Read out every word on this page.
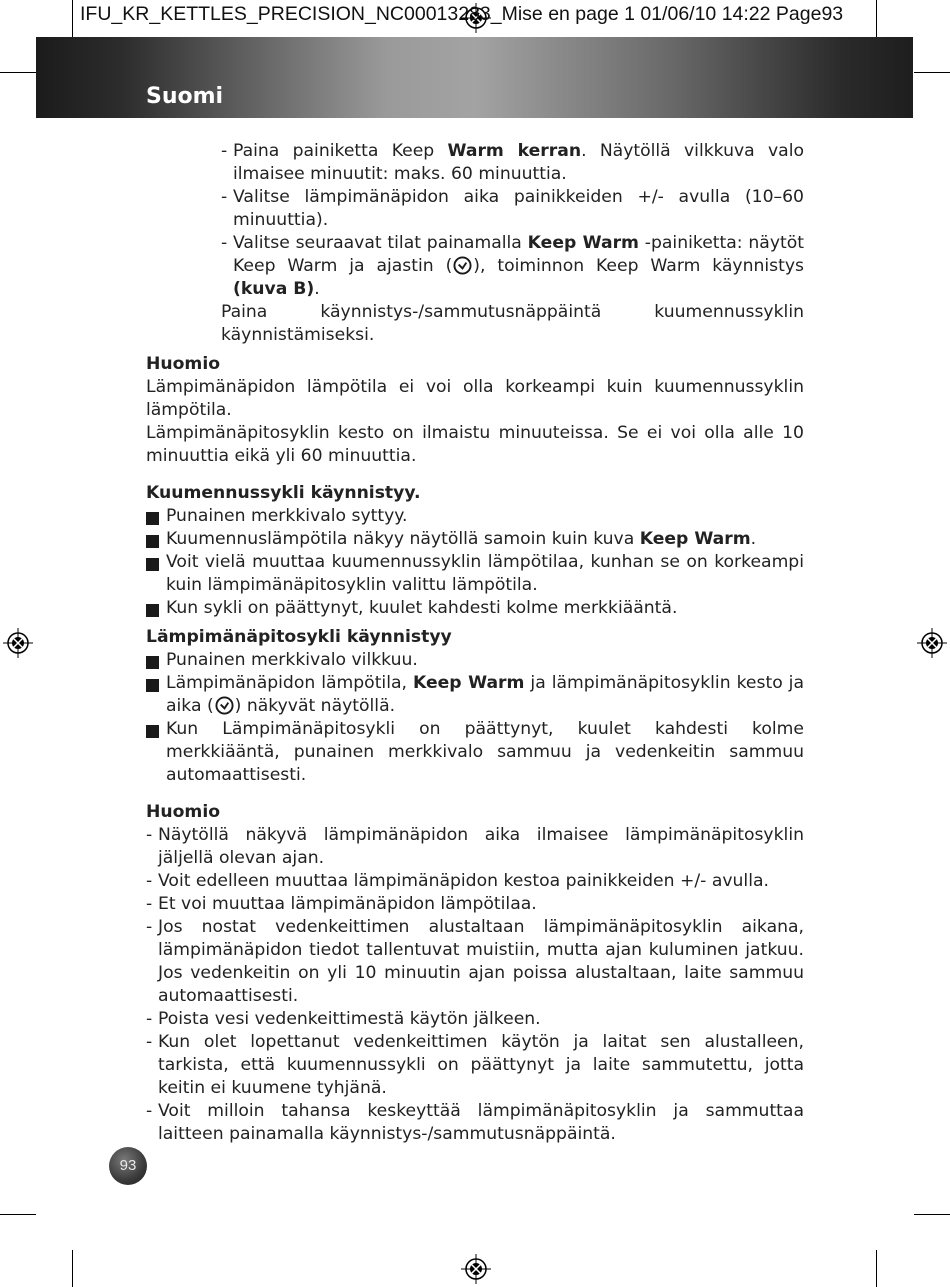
IFU_KR_KETTLES_PRECISION_NC00013283_Mise en page 1 01/06/10 14:22 Page93
Suomi
- Paina painiketta Keep Warm kerran. Näytöllä vilkkuva valo ilmaisee minuutit: maks. 60 minuuttia.
- Valitse lämpimänäpidon aika painikkeiden +/- avulla (10–60 minuuttia).
- Valitse seuraavat tilat painamalla Keep Warm -painiketta: näytöt Keep Warm ja ajastin ( ), toiminnon Keep Warm käynnistys (kuva B).

Paina käynnistys-/sammutusnäppäintä kuumennussyklin käynnistämiseksi.

Huomio

Lämpimänäpidon lämpötila ei voi olla korkeampi kuin kuumennussyklin lämpötila.

Lämpimänäpitosyklin kesto on ilmaistu minuuteissa. Se ei voi olla alle 10 minuuttia eikä yli 60 minuuttia.

Kuumennussykli käynnistyy.
Punainen merkkivalo syttyy.
Kuumennuslämpötila näkyy näytöllä samoin kuin kuva Keep Warm.
Voit vielä muuttaa kuumennussyklin lämpötilaa, kunhan se on korkeampi kuin lämpimänäpitosyklin valittu lämpötila.
Kun sykli on päättynyt, kuulet kahdesti kolme merkkiääntä.
Lämpimänäpitosykli käynnistyy
Punainen merkkivalo vilkkuu.
Lämpimänäpidon lämpötila, Keep Warm ja lämpimänäpitosyklin kesto ja aika ( ) näkyvät näytöllä.
Kun Lämpimänäpitosykli on päättynyt, kuulet kahdesti kolme merkkiääntä, punainen merkkivalo sammuu ja vedenkeitin sammuu automaattisesti.
Huomio
- Näytöllä näkyvä lämpimänäpidon aika ilmaisee lämpimänäpitosyklin jäljellä olevan ajan.
- Voit edelleen muuttaa lämpimänäpidon kestoa painikkeiden +/- avulla.
- Et voi muuttaa lämpimänäpidon lämpötilaa.
- Jos nostat vedenkeittimen alustaltaan lämpimänäpitosyklin aikana, lämpimänäpidon tiedot tallentuvat muistiin, mutta ajan kuluminen jatkuu. Jos vedenkeitin on yli 10 minuutin ajan poissa alustaltaan, laite sammuu automaattisesti.
- Poista vesi vedenkeittimestä käytön jälkeen.
- Kun olet lopettanut vedenkeittimen käytön ja laitat sen alustalleen, tarkista, että kuumennussykli on päättynyt ja laite sammutettu, jotta keitin ei kuumene tyhjänä.
- Voit milloin tahansa keskeyttää lämpimänäpitosyklin ja sammuttaa laitteen painamalla käynnistys-/sammutusnäppäintä.
93
